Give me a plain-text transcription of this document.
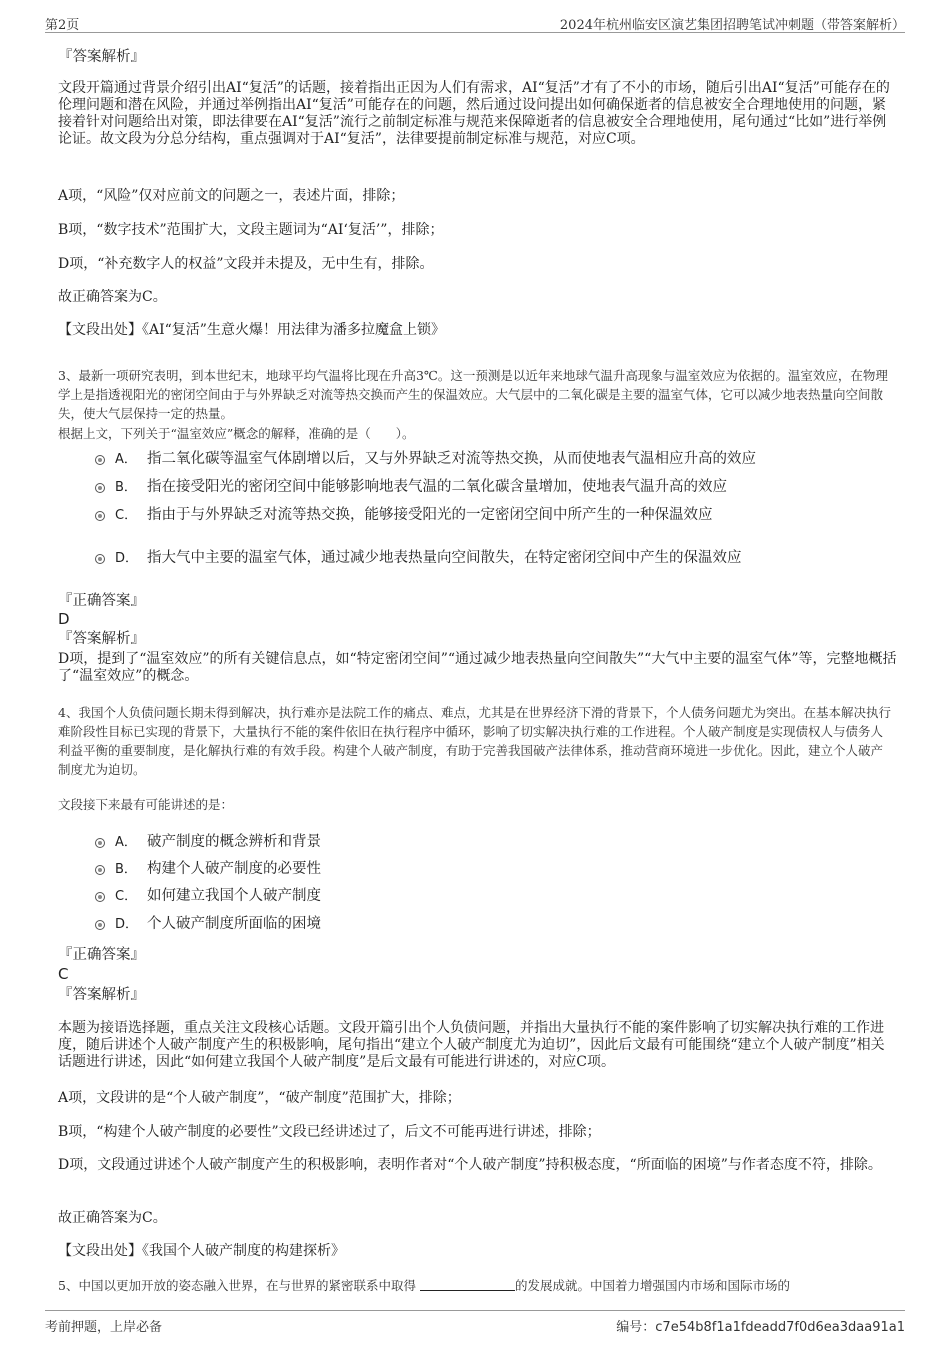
第2页	2024年杭州临安区演艺集团招聘笔试冲刺题（带答案解析）
『答案解析』
文段开篇通过背景介绍引出AI“复活”的话题，接着指出正因为人们有需求，AI“复活”才有了不小的市场，随后引出AI“复活”可能存在的伦理问题和潜在风险，并通过举例指出AI“复活”可能存在的问题，然后通过设问提出如何确保逝者的信息被安全合理地使用的问题，紧接着针对问题给出对策，即法律要在AI“复活”流行之前制定标准与规范来保障逝者的信息被安全合理地使用，尾句通过“比如”进行举例论证。故文段为分总分结构，重点强调对于AI“复活”，法律要提前制定标准与规范，对应C项。
A项，“风险”仅对应前文的问题之一，表述片面，排除；
B项，“数字技术”范围扩大，文段主题词为“AI‘复活’”，排除；
D项，“补充数字人的权益”文段并未提及，无中生有，排除。
故正确答案为C。
【文段出处】《AI“复活”生意火爆！用法律为潘多拉魔盒上锁》
3、最新一项研究表明，到本世纪末，地球平均气温将比现在升高3℃。这一预测是以近年来地球气温升高现象与温室效应为依据的。温室效应，在物理学上是指透视阳光的密闭空间由于与外界缺乏对流等热交换而产生的保温效应。大气层中的二氧化碳是主要的温室气体，它可以减少地表热量向空间散失，使大气层保持一定的热量。
根据上文，下列关于“温室效应”概念的解释，准确的是（　　）。
A． 指二氧化碳等温室气体剧增以后，又与外界缺乏对流等热交换，从而使地表气温相应升高的效应
B． 指在接受阳光的密闭空间中能够影响地表气温的二氧化碳含量增加，使地表气温升高的效应
C． 指由于与外界缺乏对流等热交换，能够接受阳光的一定密闭空间中所产生的一种保温效应
D． 指大气中主要的温室气体，通过减少地表热量向空间散失，在特定密闭空间中产生的保温效应
『正确答案』
D
『答案解析』
D项，提到了“温室效应”的所有关键信息点，如“特定密闭空间”“通过减少地表热量向空间散失”“大气中主要的温室气体”等，完整地概括了“温室效应”的概念。
4、我国个人负债问题长期未得到解决，执行难亦是法院工作的痛点、难点，尤其是在世界经济下滑的背景下，个人债务问题尤为突出。在基本解决执行难阶段性目标已实现的背景下，大量执行不能的案件依旧在执行程序中循环，影响了切实解决执行难的工作进程。个人破产制度是实现债权人与债务人利益平衡的重要制度，是化解执行难的有效手段。构建个人破产制度，有助于完善我国破产法律体系，推动营商环境进一步优化。因此，建立个人破产制度尤为迫切。
文段接下来最有可能讲述的是：
A． 破产制度的概念辨析和背景
B． 构建个人破产制度的必要性
C． 如何建立我国个人破产制度
D． 个人破产制度所面临的困境
『正确答案』
C
『答案解析』
本题为接语选择题，重点关注文段核心话题。文段开篇引出个人负债问题，并指出大量执行不能的案件影响了切实解决执行难的工作进度，随后讲述个人破产制度产生的积极影响，尾句指出“建立个人破产制度尤为迫切”，因此后文最有可能围绕“建立个人破产制度”相关话题进行讲述，因此“如何建立我国个人破产制度”是后文最有可能进行讲述的，对应C项。
A项，文段讲的是“个人破产制度”，“破产制度”范围扩大，排除；
B项，“构建个人破产制度的必要性”文段已经讲述过了，后文不可能再进行讲述，排除；
D项，文段通过讲述个人破产制度产生的积极影响，表明作者对“个人破产制度”持积极态度，“所面临的困境”与作者态度不符，排除。
故正确答案为C。
【文段出处】《我国个人破产制度的构建探析》
5、中国以更加开放的姿态融入世界，在与世界的紧密联系中取得	的发展成就。中国着力增强国内市场和国际市场的
考前押题，上岸必备	编号：c7e54b8f1a1fdeadd7f0d6ea3daa91a1
